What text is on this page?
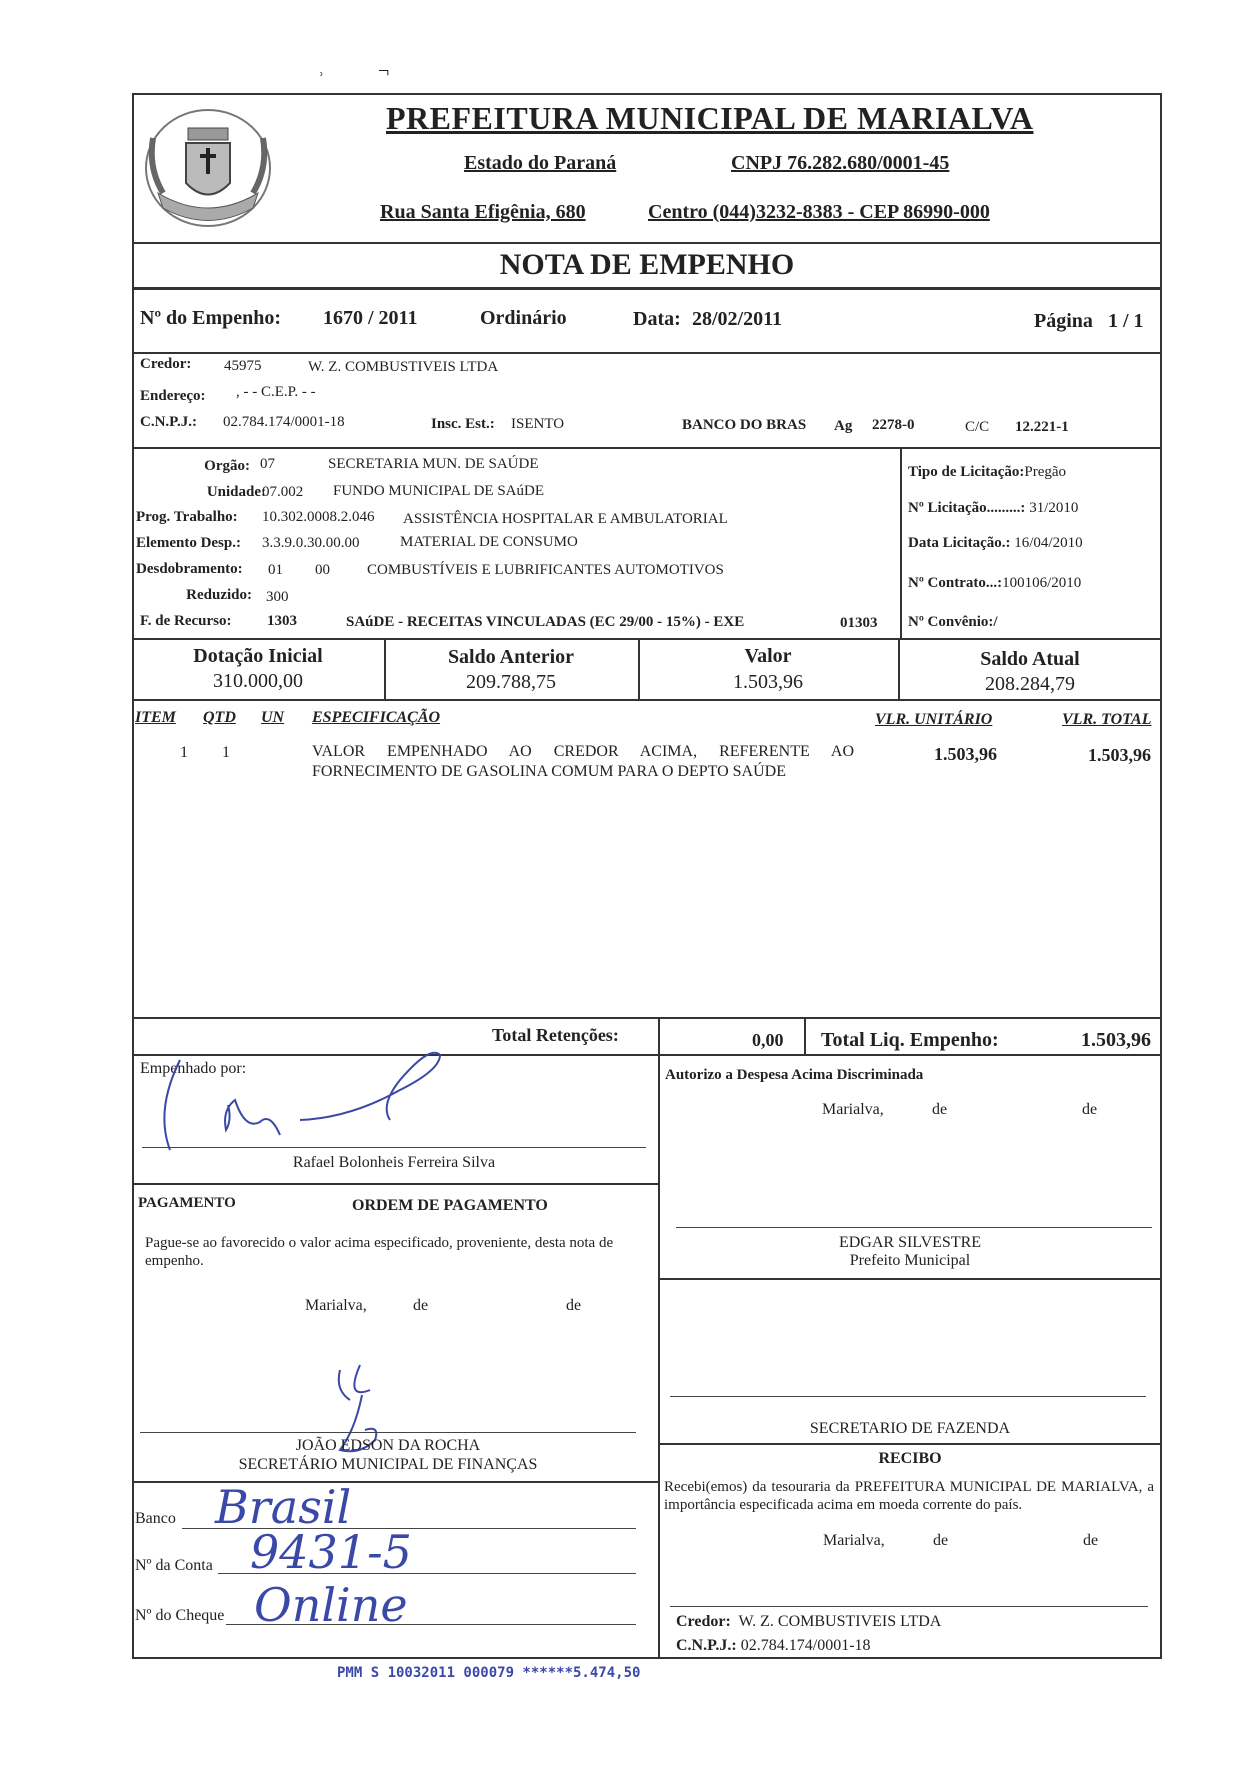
˒	¬
PREFEITURA MUNICIPAL DE MARIALVA
Estado do Paraná	CNPJ 76.282.680/0001-45
Rua Santa Efigênia, 680	Centro (044)3232-8383 - CEP 86990-000
NOTA DE EMPENHO
Nº do Empenho: 1670 / 2011	Ordinário	Data: 28/02/2011	Página 1 / 1
Credor: 45975	W. Z. COMBUSTIVEIS LTDA
Endereço: , - - C.E.P. - -
C.N.P.J.: 02.784.174/0001-18	Insc. Est.: ISENTO	BANCO DO BRAS Ag 2278-0	C/C 12.221-1
Orgão: 07	SECRETARIA MUN. DE SAÚDE
Unidade:
07.002 FUNDO MUNICIPAL DE SAúDE
Prog. Trabalho: 10.302.0008.2.046 ASSISTÊNCIA HOSPITALAR E AMBULATORIAL
Elemento Desp.: 3.3.9.0.30.00.00	MATERIAL DE CONSUMO
Desdobramento: 01 00 COMBUSTÍVEIS E LUBRIFICANTES AUTOMOTIVOS
Reduzido: 300
F. de Recurso: 1303	SAúDE - RECEITAS VINCULADAS (EC 29/00 - 15%) - EXE	01303
Tipo de Licitação:Pregão
Nº Licitação.........: 31/2010
Data Licitação.: 16/04/2010
Nº Contrato...:100106/2010
Nº Convênio:/
Dotação Inicial
310.000,00
Saldo Anterior
209.788,75
Valor
1.503,96
Saldo Atual
208.284,79
ITEM QTD UN ESPECIFICAÇÃO	VLR. UNITÁRIO	VLR. TOTAL
1 1	VALOR EMPENHADO AO CREDOR ACIMA, REFERENTE AO
FORNECIMENTO DE GASOLINA COMUM PARA O DEPTO SAÚDE
1.503,96	1.503,96
Total Retenções:	0,00 Total Liq. Empenho:	1.503,96
Empenhado por:
Rafael Bolonheis Ferreira Silva
Autorizo a Despesa Acima Discriminada
Marialva,	de	de
EDGAR SILVESTRE
Prefeito Municipal
PAGAMENTO	ORDEM DE PAGAMENTO
Pague-se ao favorecido o valor acima especificado, proveniente, desta nota de empenho.
Marialva,	de	de
JOÃO EDSON DA ROCHA
SECRETÁRIO MUNICIPAL DE FINANÇAS
SECRETARIO DE FAZENDA
RECIBO
Recebi(emos) da tesouraria da PREFEITURA MUNICIPAL DE MARIALVA, a importância especificada acima em moeda corrente do país.
Marialva,	de	de
Credor: W. Z. COMBUSTIVEIS LTDA
C.N.P.J.: 02.784.174/0001-18
Banco Brasil
Nº da Conta 9431-5
Nº do Cheque Online
PMM S 10032011 000079 ******5.474,50
